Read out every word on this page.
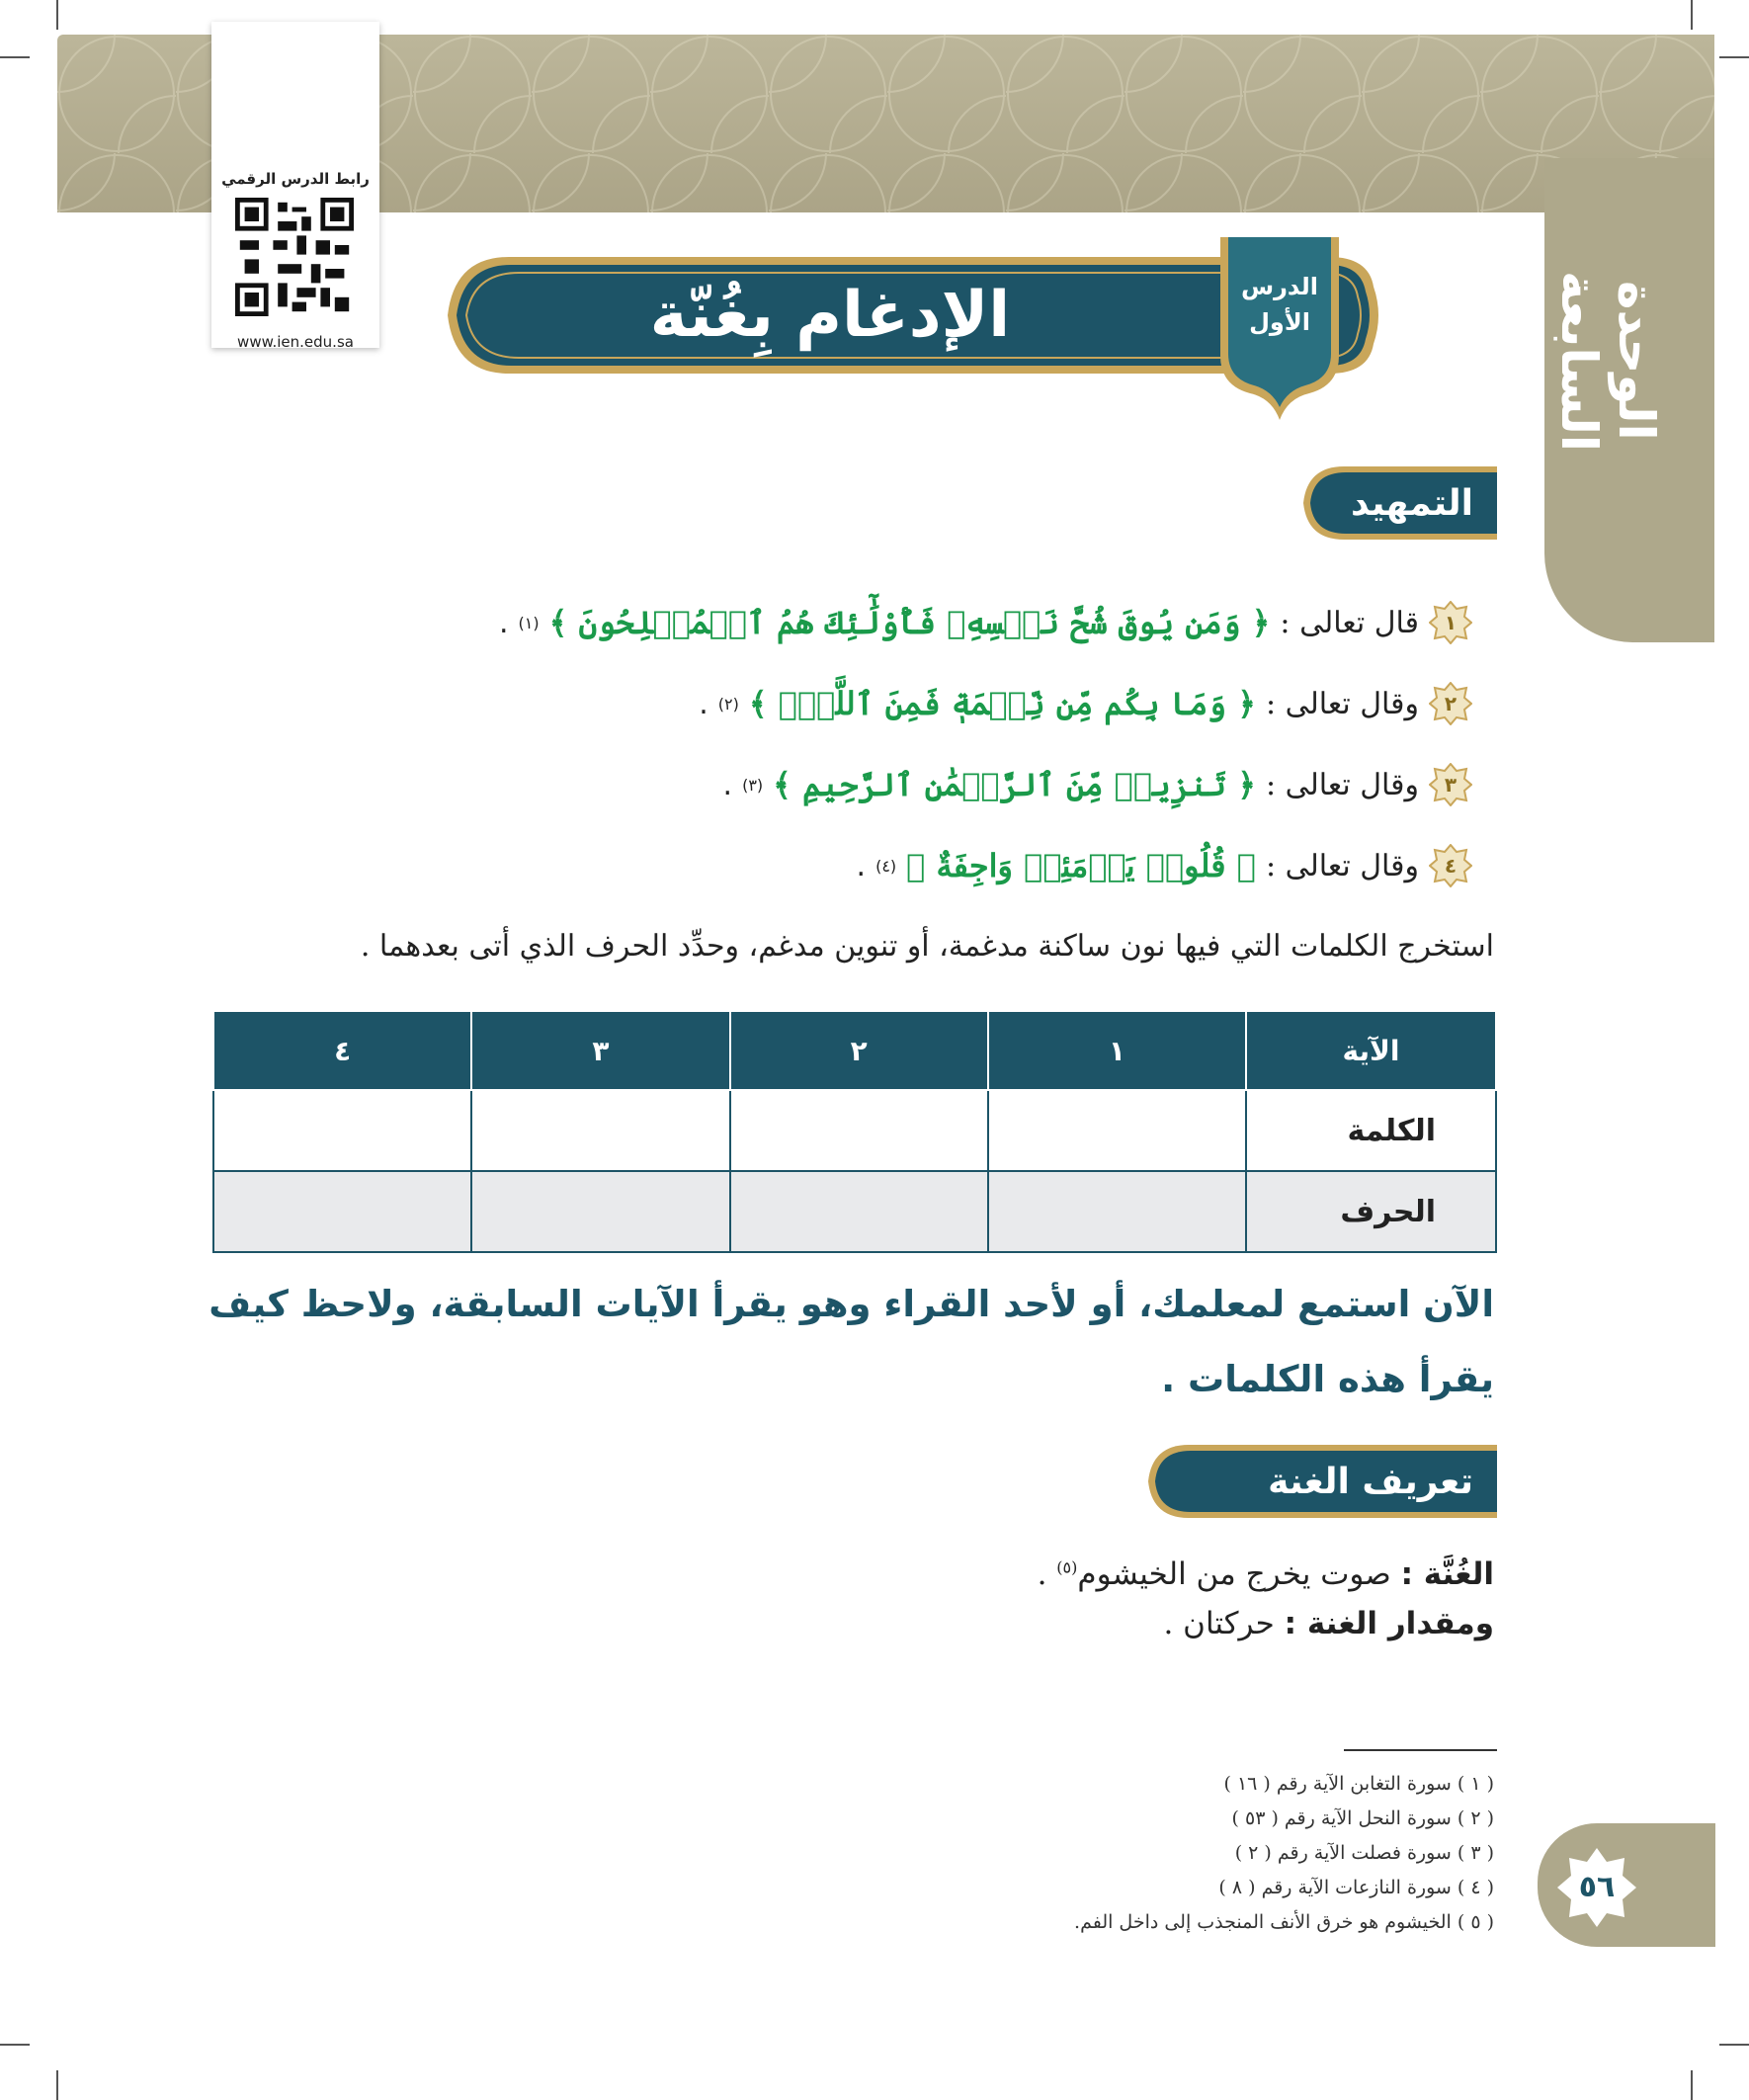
الوحدة السابعة
رابط الدرس الرقمي
www.ien.edu.sa
الدرس
الأول
الإدغام بِغُنّة
التمهيد
١
قال تعالى :
﴿ وَمَن يُوقَ شُحَّ نَفۡسِهِۦ فَأُوْلَٰٓئِكَ هُمُ ٱلۡمُفۡلِحُونَ ﴾
(١)
.
٢
وقال تعالى :
﴿ وَمَا بِكُم مِّن نِّعۡمَةٖ فَمِنَ ٱللَّهِۖ ﴾
(٢)
.
٣
وقال تعالى :
﴿ تَنزِيلٞ مِّنَ ٱلرَّحۡمَٰنِ ٱلرَّحِيمِ ﴾
(٣)
.
٤
وقال تعالى :
﴿ قُلُوبٞ يَوۡمَئِذٖ وَاجِفَةٌ ﴾
(٤)
.
استخرج الكلمات التي فيها نون ساكنة مدغمة، أو تنوين مدغم، وحدِّد الحرف الذي أتى بعدهما .
الآية	١	٢	٣	٤
الكلمة				
الحرف				
الآن استمع لمعلمك، أو لأحد القراء وهو يقرأ الآيات السابقة، ولاحظ كيف يقرأ هذه الكلمات .
تعريف الغنة
الغُنَّة : صوت يخرج من الخيشوم$^{(٥)}$ .
ومقدار الغنة : حركتان .
( ١ ) سورة التغابن الآية رقم ( ١٦ )
( ٢ ) سورة النحل الآية رقم ( ٥٣ )
( ٣ ) سورة فصلت الآية رقم ( ٢ )
( ٤ ) سورة النازعات الآية رقم ( ٨ )
( ٥ ) الخيشوم هو خرق الأنف المنجذب إلى داخل الفم.
٥٦
